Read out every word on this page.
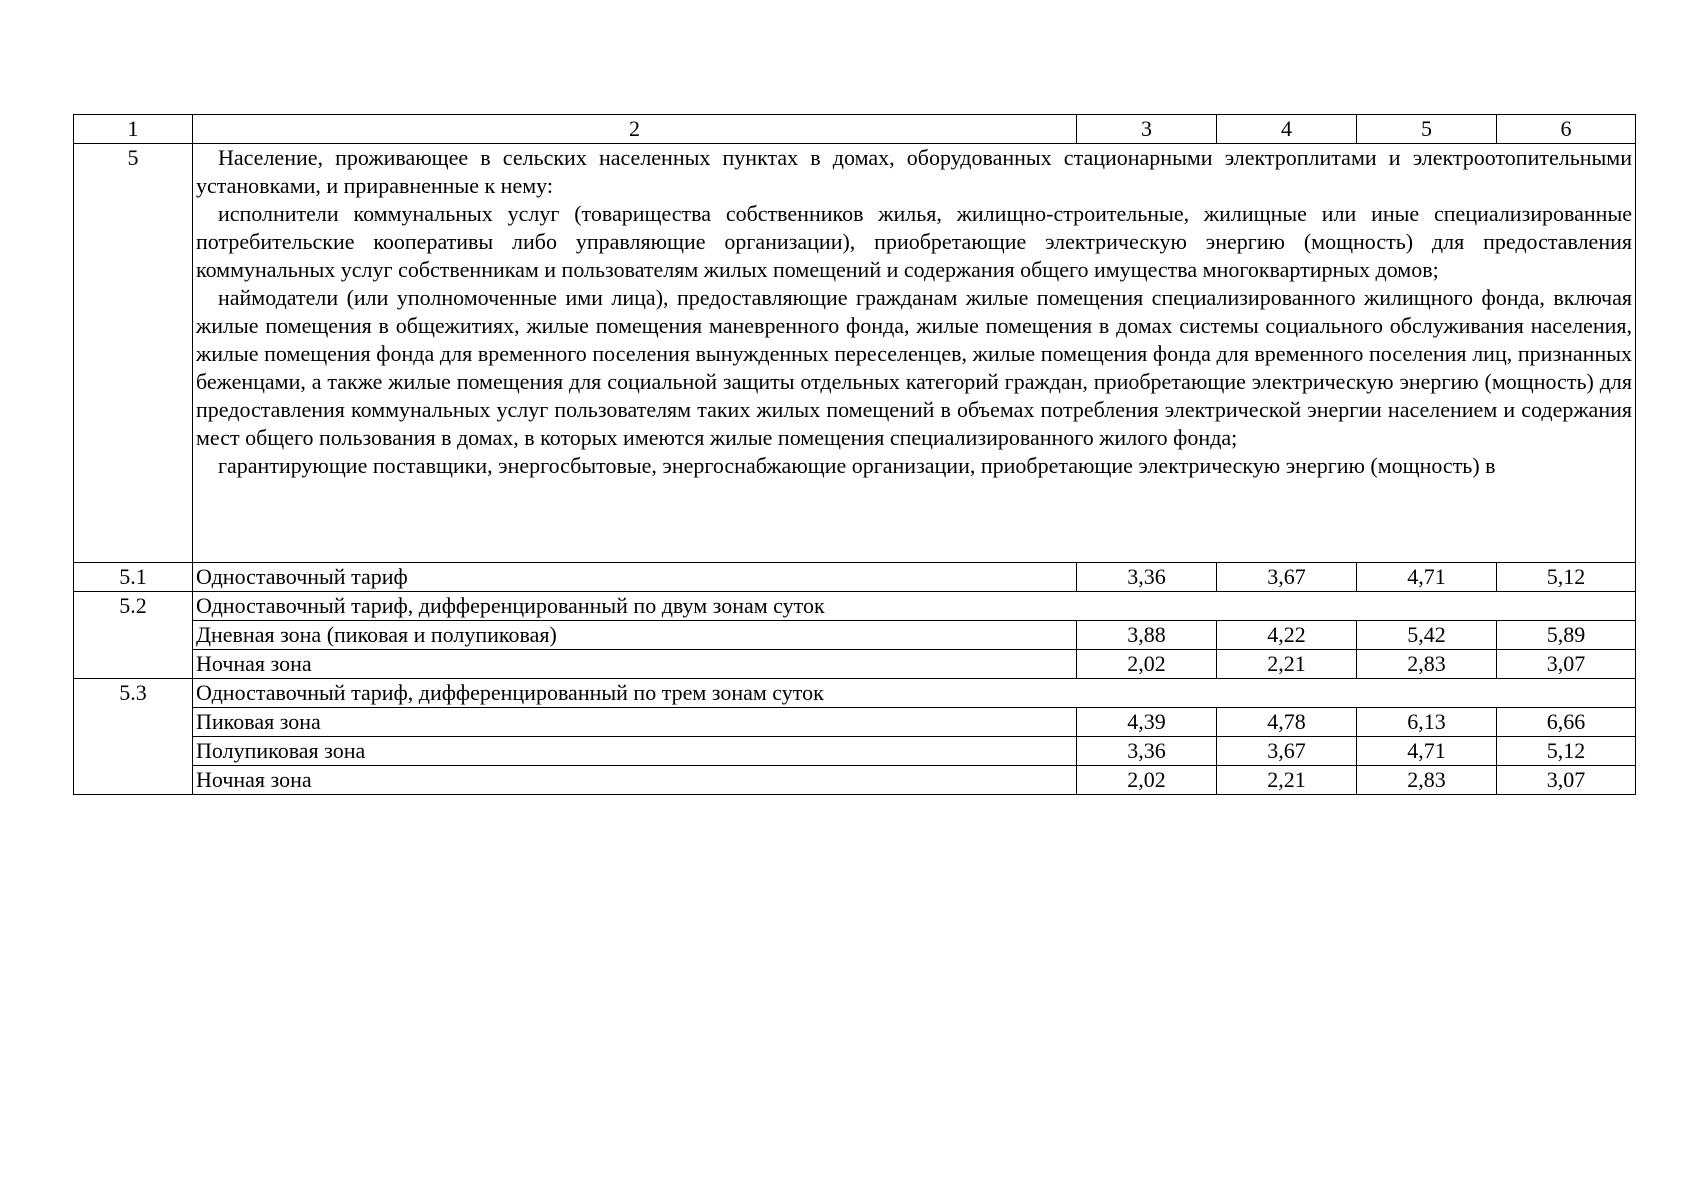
1	2	3	4	5	6
5	Население, проживающее в сельских населенных пунктах в домах, оборудованных стационарными электроплитами и электроотопительными установками, и приравненные к нему:

исполнители коммунальных услуг (товарищества собственников жилья, жилищно-строительные, жилищные или иные специализированные потребительские кооперативы либо управляющие организации), приобретающие электрическую энергию (мощность) для предоставления коммунальных услуг собственникам и пользователям жилых помещений и содержания общего имущества многоквартирных домов;

наймодатели (или уполномоченные ими лица), предоставляющие гражданам жилые помещения специализированного жилищного фонда, включая жилые помещения в общежитиях, жилые помещения маневренного фонда, жилые помещения в домах системы социального обслуживания населения, жилые помещения фонда для временного поселения вынужденных переселенцев, жилые помещения фонда для временного поселения лиц, признанных беженцами, а также жилые помещения для социальной защиты отдельных категорий граждан, приобретающие электрическую энергию (мощность) для предоставления коммунальных услуг пользователям таких жилых помещений в объемах потребления электрической энергии населением и содержания мест общего пользования в домах, в которых имеются жилые помещения специализированного жилого фонда;

гарантирующие поставщики, энергосбытовые, энергоснабжающие организации, приобретающие электрическую энергию (мощность) в				

5.1	Одноставочный тариф	3,36	3,67	4,71	5,12
5.2	Одноставочный тариф, дифференцированный по двум зонам суток				
	Дневная зона (пиковая и полупиковая)	3,88	4,22	5,42	5,89
	Ночная зона	2,02	2,21	2,83	3,07
5.3	Одноставочный тариф, дифференцированный по трем зонам суток				
	Пиковая зона	4,39	4,78	6,13	6,66
	Полупиковая зона	3,36	3,67	4,71	5,12
	Ночная зона	2,02	2,21	2,83	3,07
